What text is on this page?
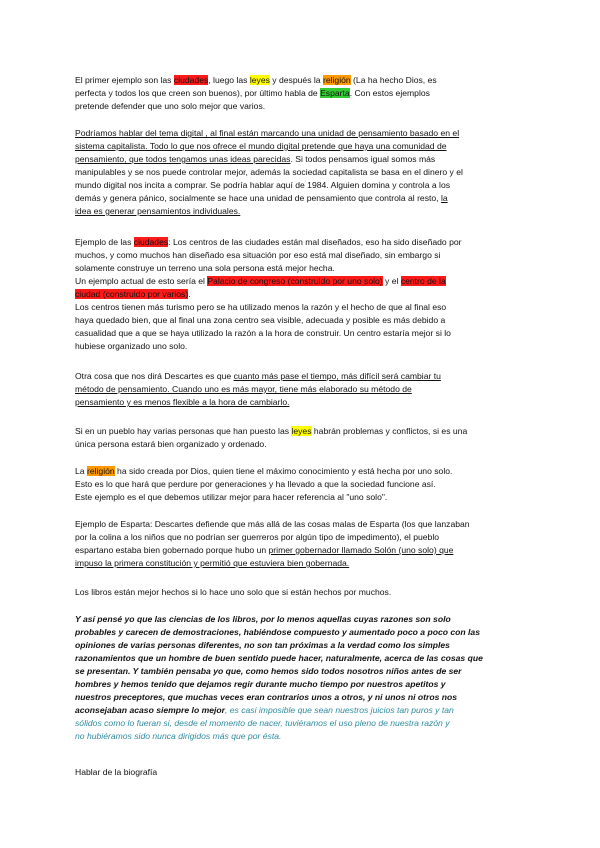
El primer ejemplo son las ciudades, luego las leyes y después la religión (La ha hecho Dios, es
perfecta y todos los que creen son buenos), por último habla de Esparta. Con estos ejemplos
pretende defender que uno solo mejor que varios.
Podríamos hablar del tema digital , al final están marcando una unidad de pensamiento basado en el
sistema capitalista. Todo lo que nos ofrece el mundo digital pretende que haya una comunidad de
pensamiento, que todos tengamos unas ideas parecidas. Si todos pensamos igual somos más
manipulables y se nos puede controlar mejor, además la sociedad capitalista se basa en el dinero y el
mundo digital nos incita a comprar. Se podría hablar aquí de 1984. Alguien domina y controla a los
demás y genera pánico, socialmente se hace una unidad de pensamiento que controla al resto, la
idea es generar pensamientos individuales.
Ejemplo de las ciudades: Los centros de las ciudades están mal diseñados, eso ha sido diseñado por
muchos, y como muchos han diseñado esa situación por eso está mal diseñado, sin embargo si
solamente construye un terreno una sola persona está mejor hecha.
Un ejemplo actual de esto sería el Palacio de congreso (construido por uno solo) y el centro de la
ciudad (construido por varios).
Los centros tienen más turismo pero se ha utilizado menos la razón y el hecho de que al final eso
haya quedado bien, que al final una zona centro sea visible, adecuada y posible es más debido a
casualidad que a que se haya utilizado la razón a la hora de construir. Un centro estaría mejor si lo
hubiese organizado uno solo.
Otra cosa que nos dirá Descartes es que cuanto más pase el tiempo, más difícil será cambiar tu
método de pensamiento. Cuando uno es más mayor, tiene más elaborado su método de
pensamiento y es menos flexible a la hora de cambiarlo.
Si en un pueblo hay varias personas que han puesto las leyes habrán problemas y conflictos, si es una
única persona estará bien organizado y ordenado.
La religión ha sido creada por Dios, quien tiene el máximo conocimiento y está hecha por uno solo.
Esto es lo que hará que perdure por generaciones y ha llevado a que la sociedad funcione así.
Este ejemplo es el que debemos utilizar mejor para hacer referencia al "uno solo".
Ejemplo de Esparta: Descartes defiende que más allá de las cosas malas de Esparta (los que lanzaban
por la colina a los niños que no podrían ser guerreros por algún tipo de impedimento), el pueblo
espartano estaba bien gobernado porque hubo un primer gobernador llamado Solón (uno solo) que
impuso la primera constitución y permitió que estuviera bien gobernada.
Los libros están mejor hechos si lo hace uno solo que si están hechos por muchos.
Y así pensé yo que las ciencias de los libros, por lo menos aquellas cuyas razones son solo
probables y carecen de demostraciones, habiéndose compuesto y aumentado poco a poco con las
opiniones de varias personas diferentes, no son tan próximas a la verdad como los simples
razonamientos que un hombre de buen sentido puede hacer, naturalmente, acerca de las cosas que
se presentan. Y también pensaba yo que, como hemos sido todos nosotros niños antes de ser
hombres y hemos tenido que dejamos regir durante mucho tiempo por nuestros apetitos y
nuestros preceptores, que muchas veces eran contrarios unos a otros, y ni unos ni otros nos
aconsejaban acaso siempre lo mejor, es casi imposible que sean nuestros juicios tan puros y tan
sólidos como lo fueran si, desde el momento de nacer, tuviéramos el uso pleno de nuestra razón y
no hubiéramos sido nunca dirigidos más que por ésta.
Hablar de la biografía
